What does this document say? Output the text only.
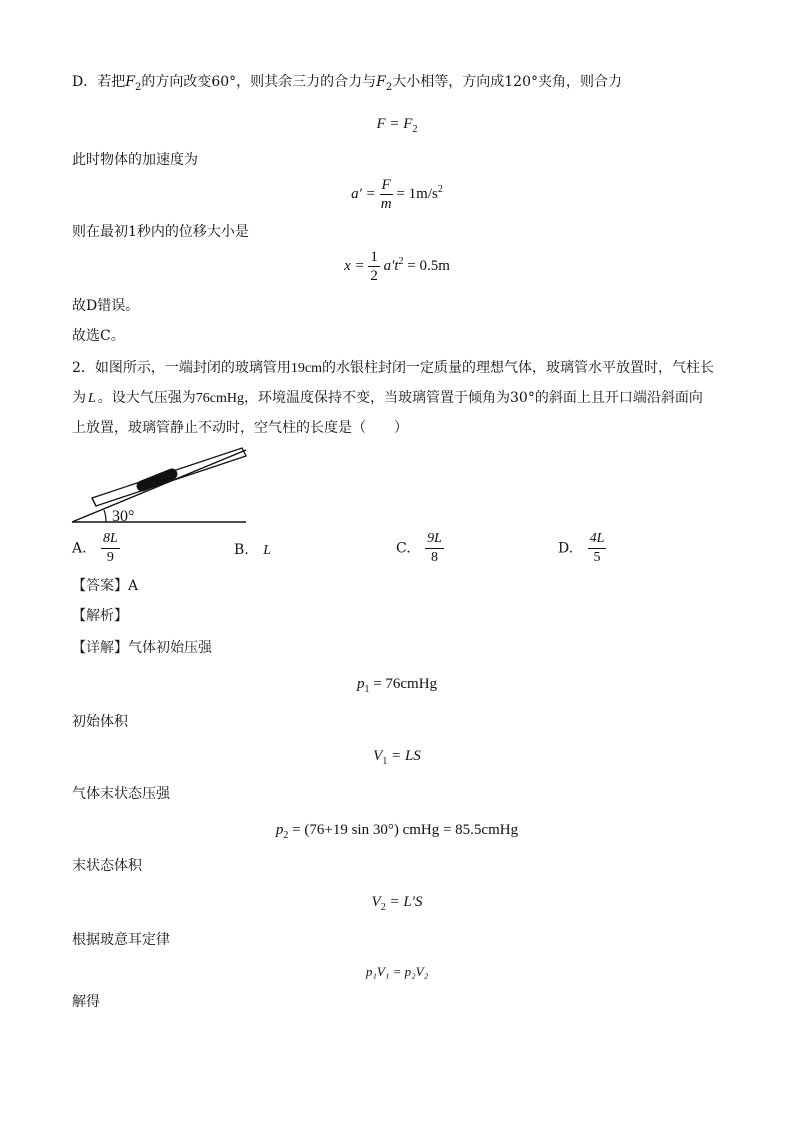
D．若把$F_2$的方向改变60°，则其余三力的合力与$F_2$大小相等，方向成120°夹角，则合力
$F = F_2$
此时物体的加速度为
$a' = \frac{F}{m} = 1m/s^2$
则在最初1秒内的位移大小是
$x = \frac{1}{2} a't^2 = 0.5m$
故D错误。
故选C。
2．如图所示，一端封闭的玻璃管用19cm的水银柱封闭一定质量的理想气体，玻璃管水平放置时，气柱长
为 L 。设大气压强为76cmHg，环境温度保持不变，当玻璃管置于倾角为30°的斜面上且开口端沿斜面向
上放置，玻璃管静止不动时，空气柱的长度是（　　）
30°
A. $\frac{8L}{9}$	B. L	C. $\frac{9L}{8}$	D. $\frac{4L}{5}$
【答案】A
【解析】
【详解】气体初始压强
$p_1$ = 76cmHg
初始体积
$V_1$ = LS
气体末状态压强
$p_2 = (76+19$ sin 30°) cmHg = 85.5cmHg
末状态体积
$V_2 = L'S$
根据玻意耳定律
p₁V₁ = p₂V₂
解得
